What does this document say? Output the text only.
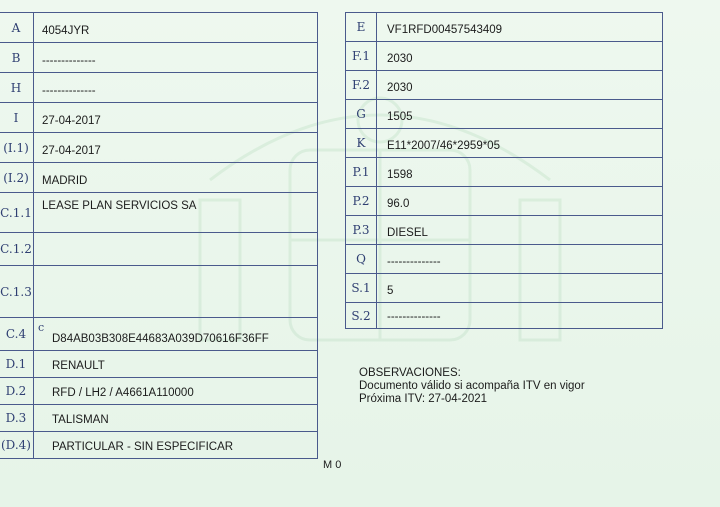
A	4054JYR

B	--------------

H	--------------

I	27-04-2017

(I.1)	27-04-2017

(I.2)	MADRID

C.1.1	LEASE PLAN SERVICIOS SA

C.1.2	

C.1.3	

C.4	c
D84AB03B308E44683A039D70616F36FF

D.1	RENAULT

D.2	RFD / LH2 / A4661A110000

D.3	TALISMAN

(D.4)	PARTICULAR - SIN ESPECIFICAR
E	VF1RFD00457543409

F.1	2030

F.2	2030

G	1505

K	E11*2007/46*2959*05

P.1	1598

P.2	96.0

P.3	DIESEL

Q	--------------

S.1	5

S.2	--------------
OBSERVACIONES:
Documento válido si acompaña ITV en vigor
Próxima ITV: 27-04-2021
M 0
